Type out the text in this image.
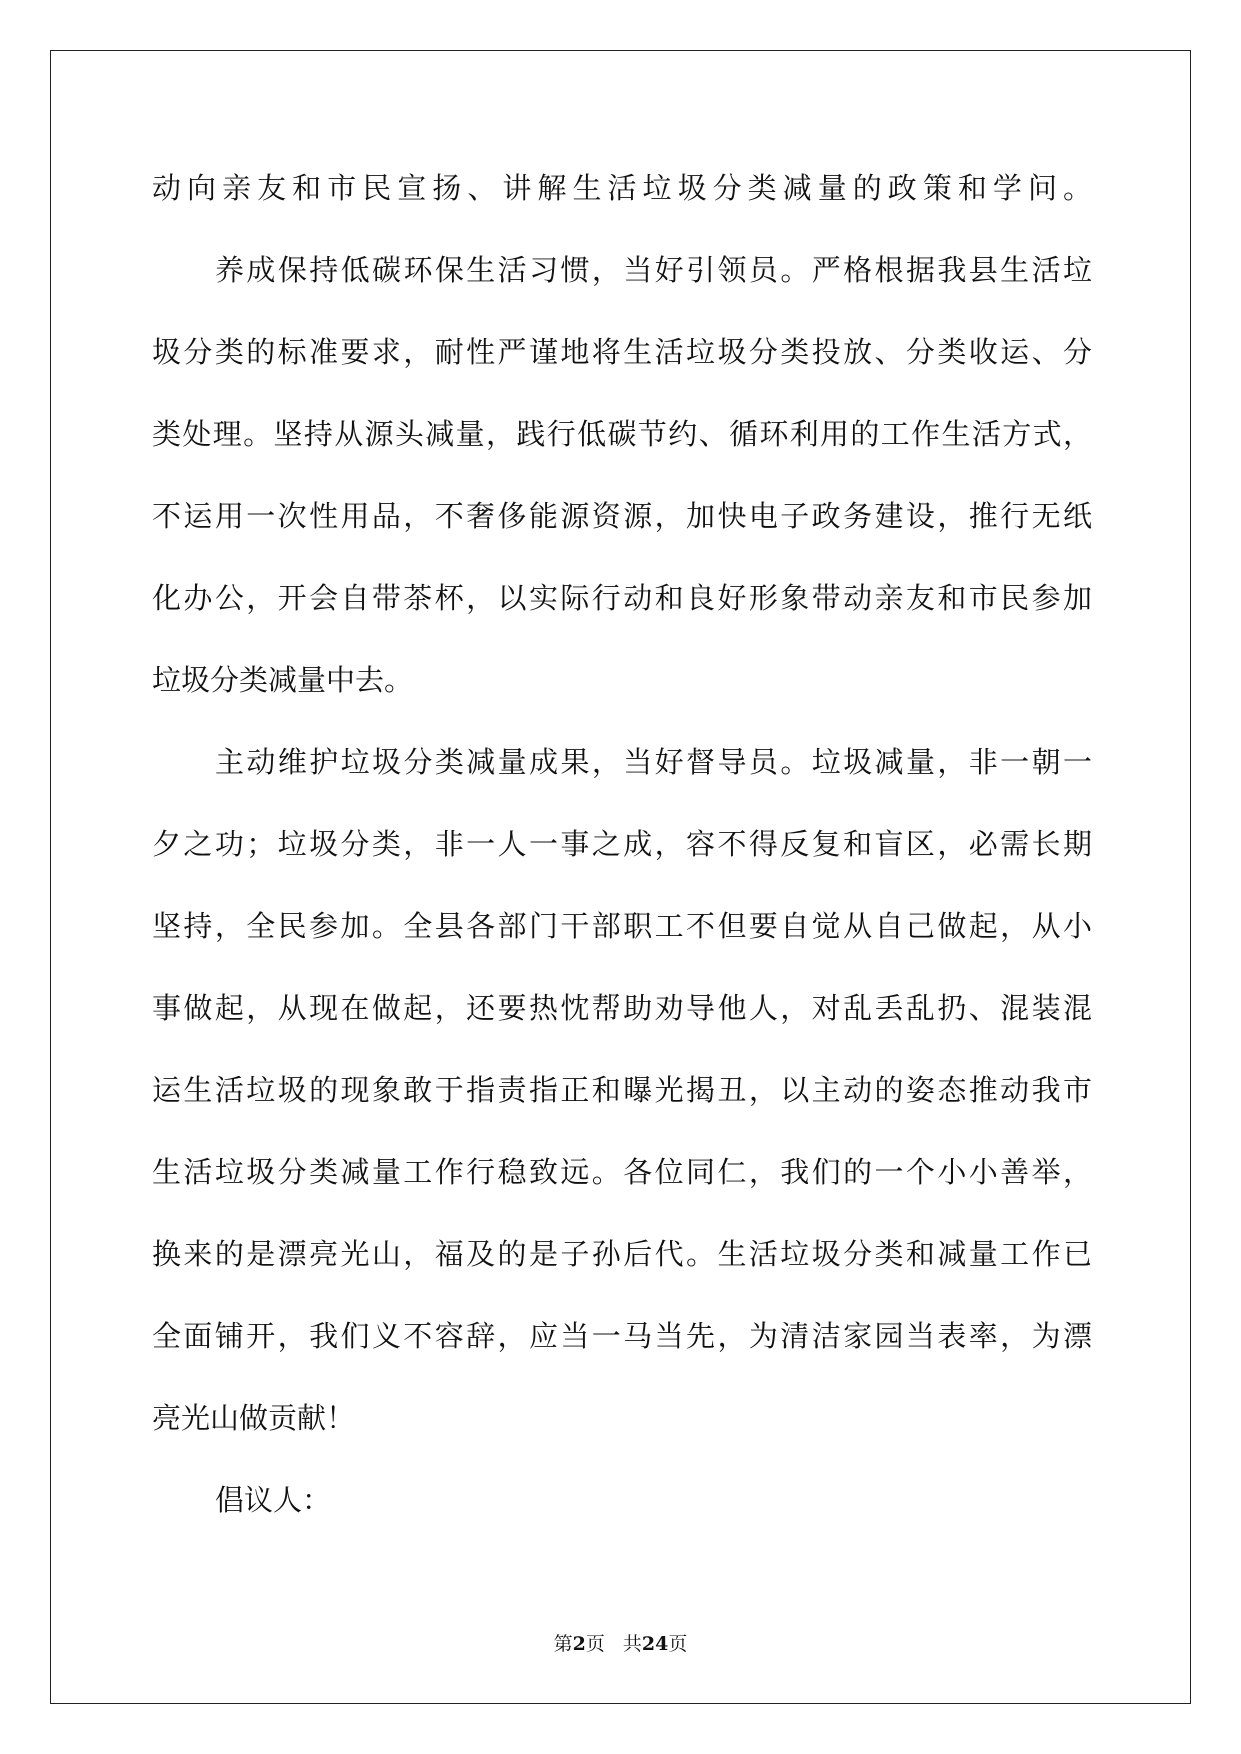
动向亲友和市民宣扬、讲解生活垃圾分类减量的政策和学问。
养成保持低碳环保生活习惯，当好引领员。严格根据我县生活垃
圾分类的标准要求，耐性严谨地将生活垃圾分类投放、分类收运、分
类处理。坚持从源头减量，践行低碳节约、循环利用的工作生活方式，
不运用一次性用品，不奢侈能源资源，加快电子政务建设，推行无纸
化办公，开会自带茶杯，以实际行动和良好形象带动亲友和市民参加
垃圾分类减量中去。
主动维护垃圾分类减量成果，当好督导员。垃圾减量，非一朝一
夕之功；垃圾分类，非一人一事之成，容不得反复和盲区，必需长期
坚持，全民参加。全县各部门干部职工不但要自觉从自己做起，从小
事做起，从现在做起，还要热忱帮助劝导他人，对乱丢乱扔、混装混
运生活垃圾的现象敢于指责指正和曝光揭丑，以主动的姿态推动我市
生活垃圾分类减量工作行稳致远。各位同仁，我们的一个小小善举，
换来的是漂亮光山，福及的是子孙后代。生活垃圾分类和减量工作已
全面铺开，我们义不容辞，应当一马当先，为清洁家园当表率，为漂
亮光山做贡献！
倡议人：
第2页 共24页
